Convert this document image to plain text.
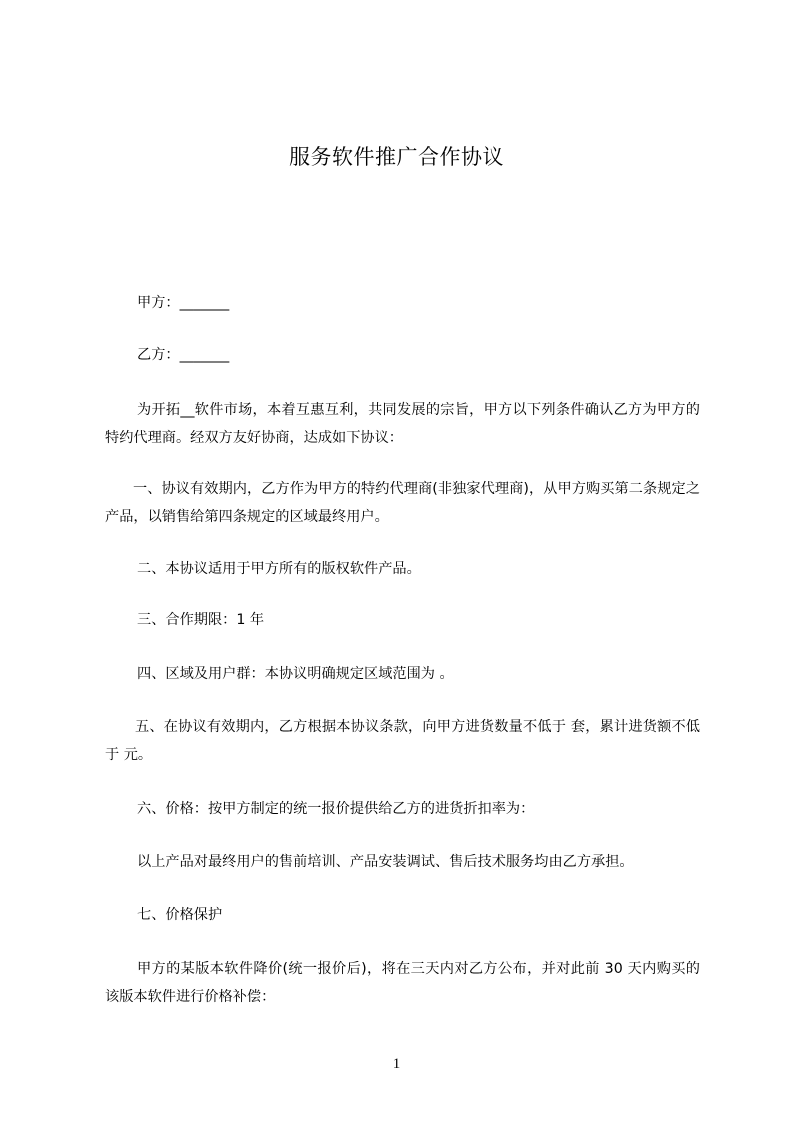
服务软件推广合作协议
甲方：_______
乙方：_______
为开拓__软件市场，本着互惠互利，共同发展的宗旨，甲方以下列条件确认乙方为甲方的特约代理商。经双方友好协商，达成如下协议：
一、协议有效期内，乙方作为甲方的特约代理商(非独家代理商)，从甲方购买第二条规定之产品，以销售给第四条规定的区域最终用户。
二、本协议适用于甲方所有的版权软件产品。
三、合作期限：1 年
四、区域及用户群：本协议明确规定区域范围为 。
五、在协议有效期内，乙方根据本协议条款，向甲方进货数量不低于 套，累计进货额不低于 元。
六、价格：按甲方制定的统一报价提供给乙方的进货折扣率为：
以上产品对最终用户的售前培训、产品安装调试、售后技术服务均由乙方承担。
七、价格保护
甲方的某版本软件降价(统一报价后)，将在三天内对乙方公布，并对此前 30 天内购买的该版本软件进行价格补偿：
1
